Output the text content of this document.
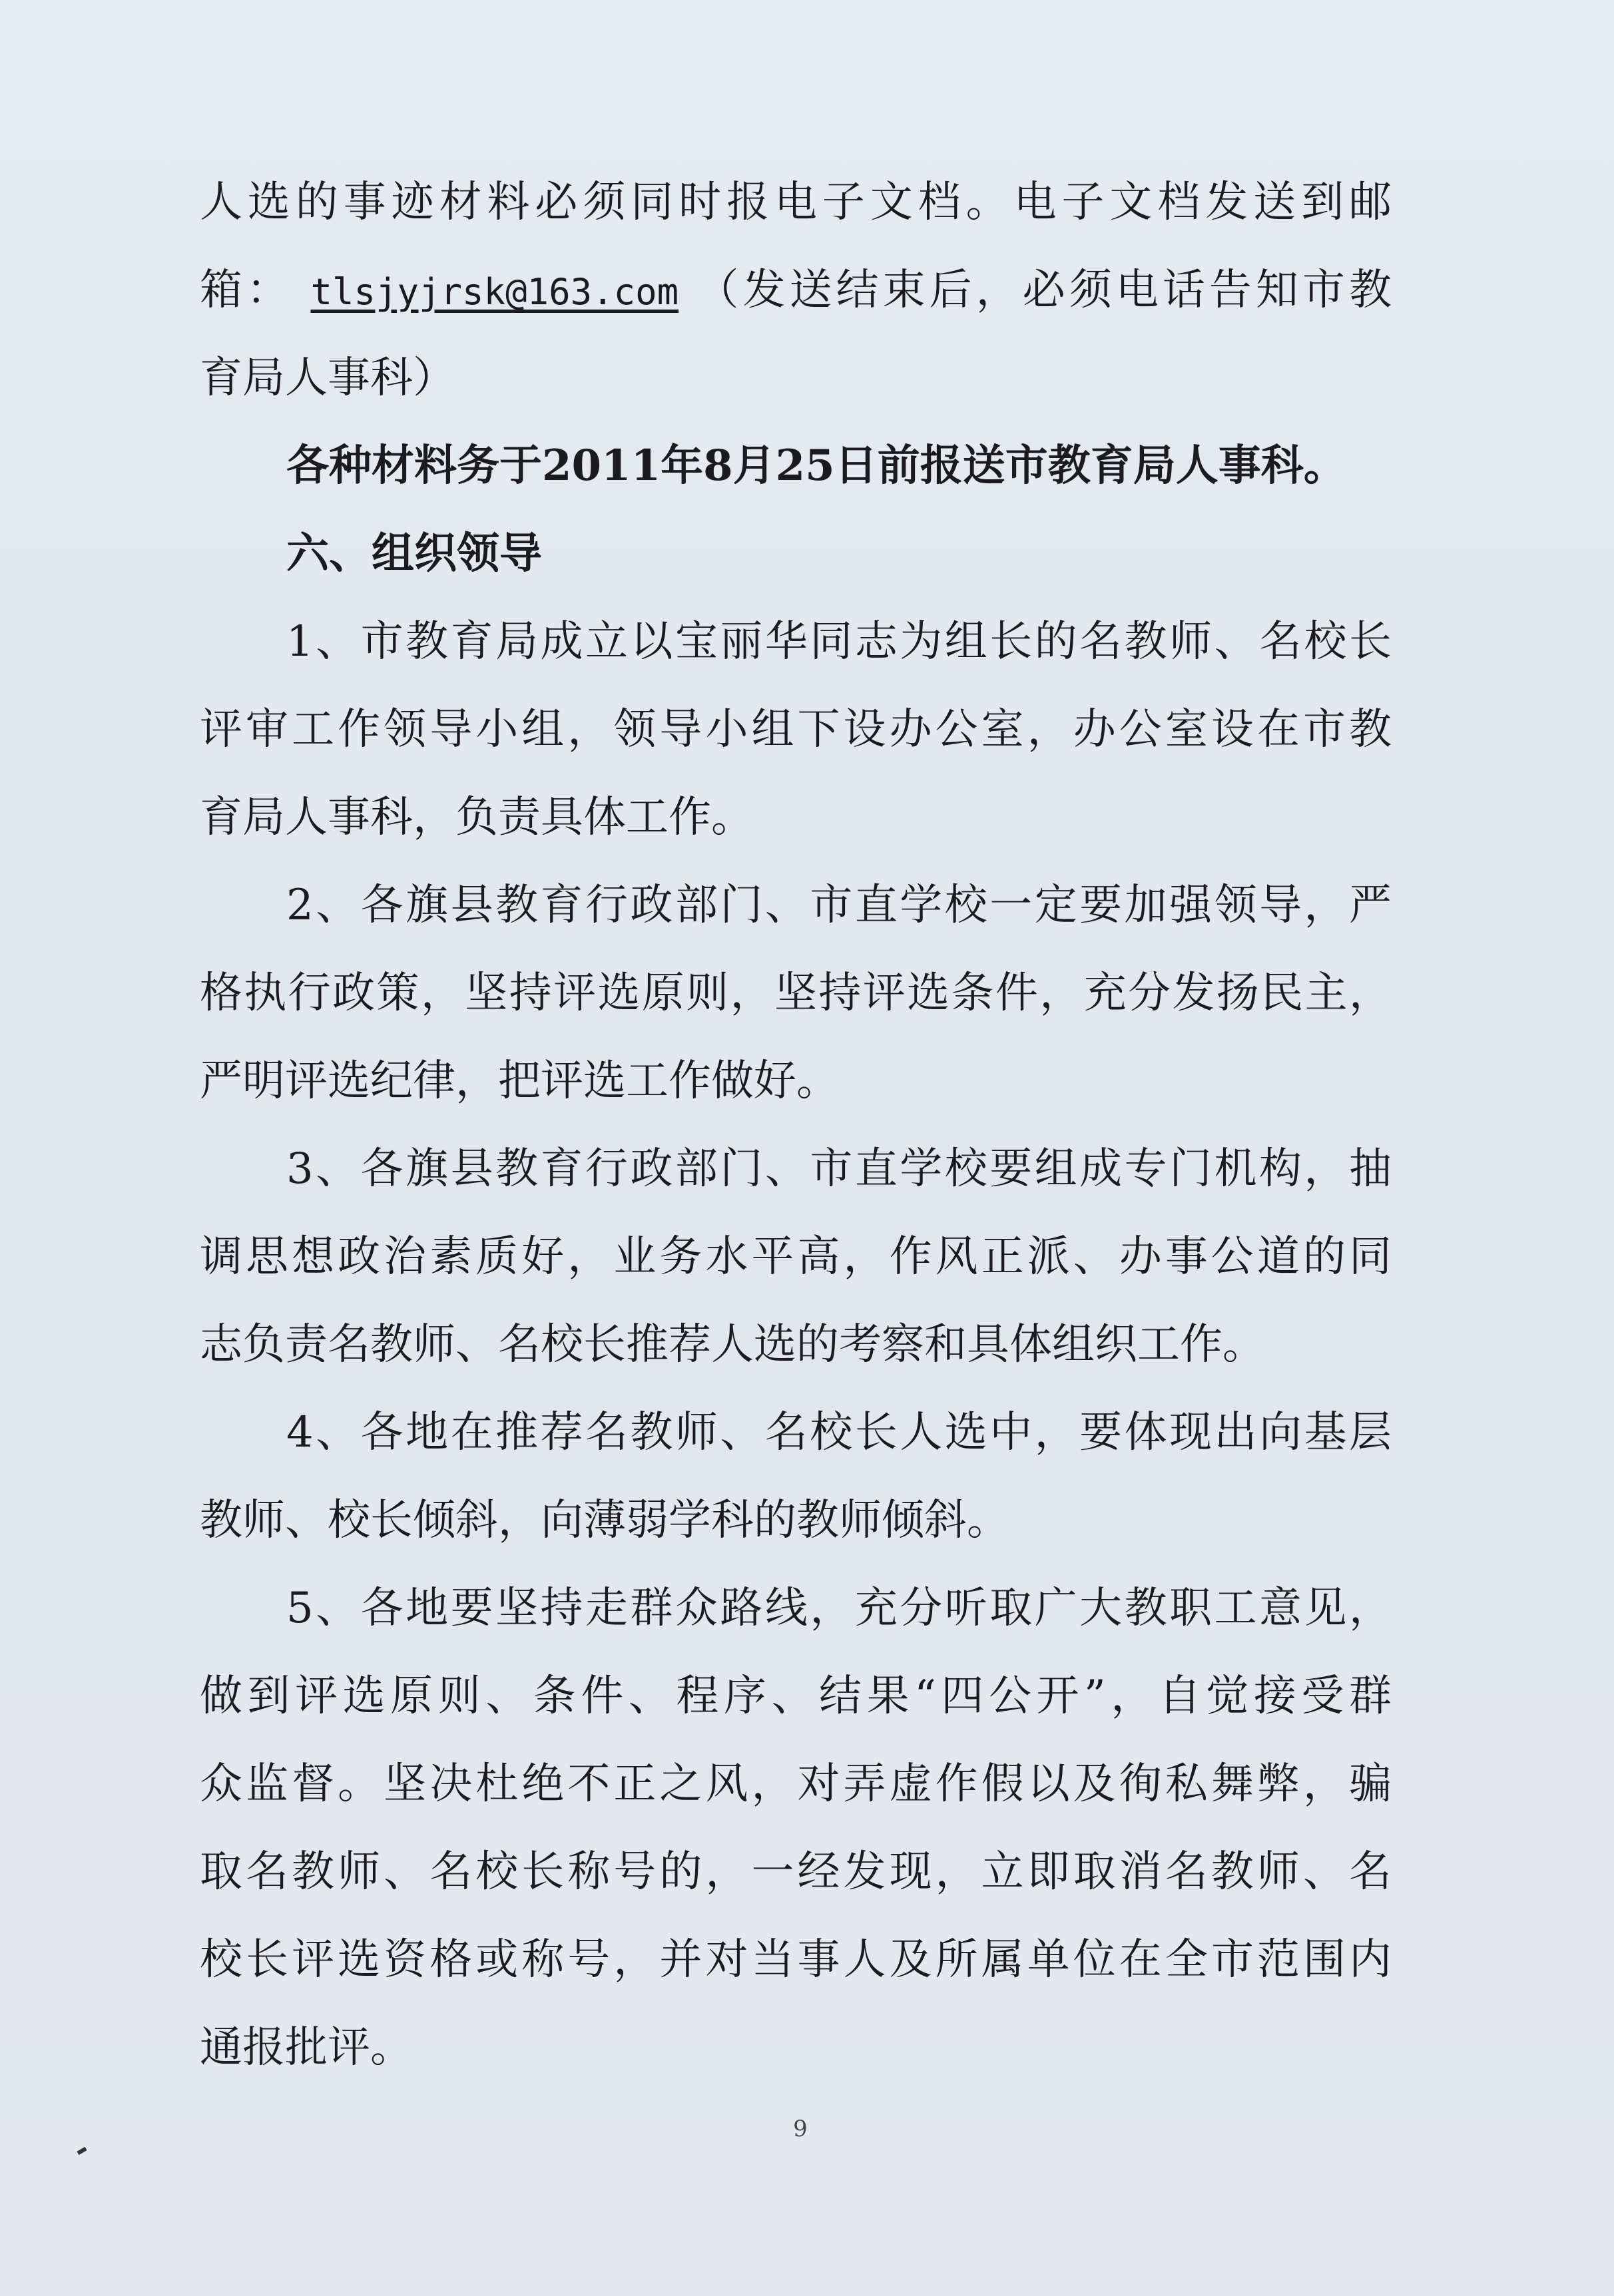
人选的事迹材料必须同时报电子文档。电子文档发送到邮
箱： tlsjyjrsk@163.com （发送结束后，必须电话告知市教
育局人事科）
各种材料务于2011年8月25日前报送市教育局人事科。
六、组织领导
1、市教育局成立以宝丽华同志为组长的名教师、名校长
评审工作领导小组，领导小组下设办公室，办公室设在市教
育局人事科，负责具体工作。
2、各旗县教育行政部门、市直学校一定要加强领导，严
格执行政策，坚持评选原则，坚持评选条件，充分发扬民主，
严明评选纪律，把评选工作做好。
3、各旗县教育行政部门、市直学校要组成专门机构，抽
调思想政治素质好，业务水平高，作风正派、办事公道的同
志负责名教师、名校长推荐人选的考察和具体组织工作。
4、各地在推荐名教师、名校长人选中，要体现出向基层
教师、校长倾斜，向薄弱学科的教师倾斜。
5、各地要坚持走群众路线，充分听取广大教职工意见，
做到评选原则、条件、程序、结果“四公开”，自觉接受群
众监督。坚决杜绝不正之风，对弄虚作假以及徇私舞弊，骗
取名教师、名校长称号的，一经发现，立即取消名教师、名
校长评选资格或称号，并对当事人及所属单位在全市范围内
通报批评。
9
